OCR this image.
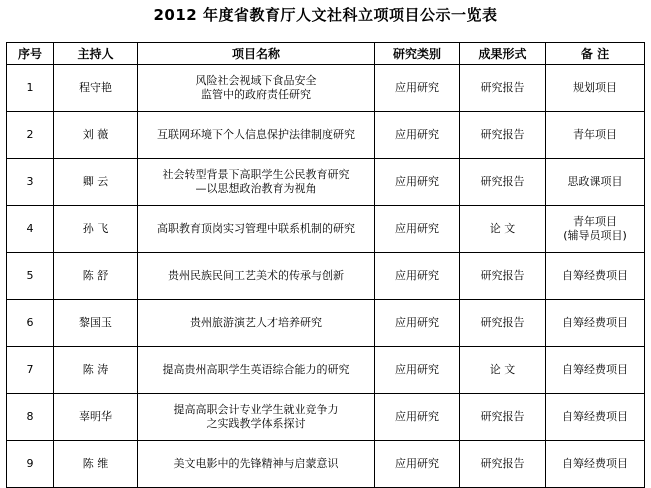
2012 年度省教育厅人文社科立项项目公示一览表
序号	主持人	项目名称	研究类别	成果形式	备 注
1	程守艳	风险社会视域下食品安全
监管中的政府责任研究	应用研究	研究报告	规划项目
2	刘 薇	互联网环境下个人信息保护法律制度研究	应用研究	研究报告	青年项目
3	卿 云	社会转型背景下高职学生公民教育研究
—以思想政治教育为视角	应用研究	研究报告	思政课项目
4	孙 飞	高职教育顶岗实习管理中联系机制的研究	应用研究	论 文	青年项目
(辅导员项目)
5	陈 舒	贵州民族民间工艺美术的传承与创新	应用研究	研究报告	自筹经费项目
6	黎国玉	贵州旅游演艺人才培养研究	应用研究	研究报告	自筹经费项目
7	陈 涛	提高贵州高职学生英语综合能力的研究	应用研究	论 文	自筹经费项目
8	辜明华	提高高职会计专业学生就业竞争力
之实践教学体系探讨	应用研究	研究报告	自筹经费项目
9	陈 维	美文电影中的先锋精神与启蒙意识	应用研究	研究报告	自筹经费项目
